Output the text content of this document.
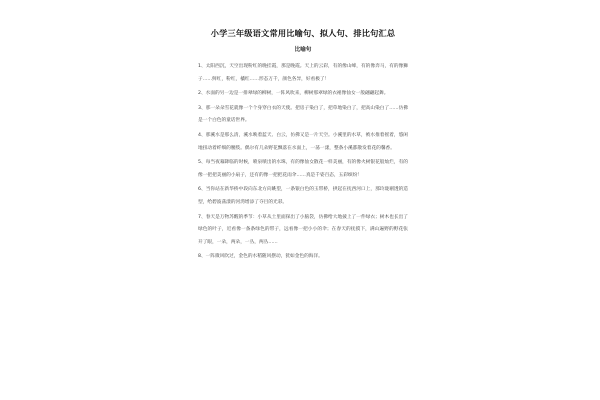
小学三年级语文常用比喻句、拟人句、排比句汇总
比喻句
1、太阳西沉，天空出现粉红的晚挂霞，那是晚霞。天上的云彩，有的像山峰，有的像奔马，有的像狮子……鲜红，粉红，橘红……形态万千，颜色各异，好看极了！
2、水面的另一边是一排翠绿的柳树，一阵风吹来，柳树那翠绿的衣裙像仙女一般翩翩起舞。
3、那一朵朵雪花就像一个个身穿白衣的天使。把房子染白了，把草地染白了，把高山染白了……仿佛是一个白色的童话世界。
4、那溪水是那么清，溪水映着蓝天、白云，仿佛又是一片天空。小溪里的水草，被水推着摇着，悠闲地扭动着纤细的腰肢。偶尔有几朵野花飘落在水面上，一荡一漾，整条小溪都散发着花的馨香。
5、每当夜幕降临的时候，喷泉喷出的水珠，有的像仙女散花一样美丽，有的像火树银花般灿烂，有的像一把把美丽的小扇子，还有的像一把把花雨伞……真是千姿百态，五彩缤纷！
6、当你站在新华桥中段向东北方向眺望，一条银白色的玉带桥，拱起在抚西河口上，那玲珑剔透的造型，给碧波荡漾的河湾增添了夺目的光彩。
7、春天是万物苏醒的季节：小草从土里面探出了小脑袋，仿佛给大地披上了一件绿衣；树木也长出了绿色的叶子，近看像一条条绿色的带子，远看像一把小小的伞；在春天的抚摸下，满山遍野的野花张开了眼，一朵，两朵，一丛，两丛……
8、一阵微风吹过，金色的水稻随风摆动，犹如金色的海洋。
